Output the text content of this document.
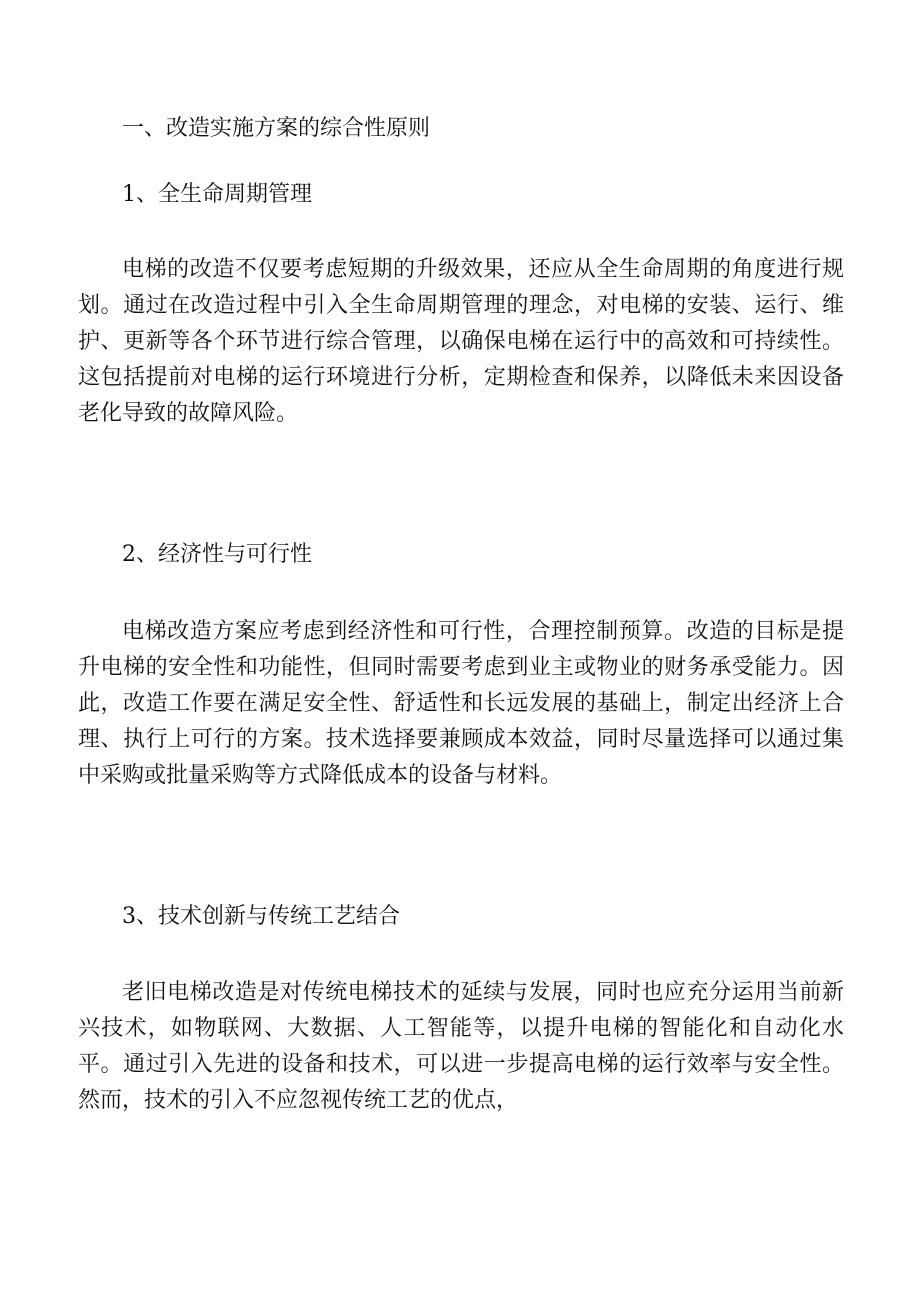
一、改造实施方案的综合性原则
1、全生命周期管理

电梯的改造不仅要考虑短期的升级效果，还应从全生命周期的角度进行规划。通过在改造过程中引入全生命周期管理的理念，对电梯的安装、运行、维护、更新等各个环节进行综合管理，以确保电梯在运行中的高效和可持续性。这包括提前对电梯的运行环境进行分析，定期检查和保养，以降低未来因设备老化导致的故障风险。

2、经济性与可行性

电梯改造方案应考虑到经济性和可行性，合理控制预算。改造的目标是提升电梯的安全性和功能性，但同时需要考虑到业主或物业的财务承受能力。因此，改造工作要在满足安全性、舒适性和长远发展的基础上，制定出经济上合理、执行上可行的方案。技术选择要兼顾成本效益，同时尽量选择可以通过集中采购或批量采购等方式降低成本的设备与材料。

3、技术创新与传统工艺结合

老旧电梯改造是对传统电梯技术的延续与发展，同时也应充分运用当前新兴技术，如物联网、大数据、人工智能等，以提升电梯的智能化和自动化水平。通过引入先进的设备和技术，可以进一步提高电梯的运行效率与安全性。然而，技术的引入不应忽视传统工艺的优点，
